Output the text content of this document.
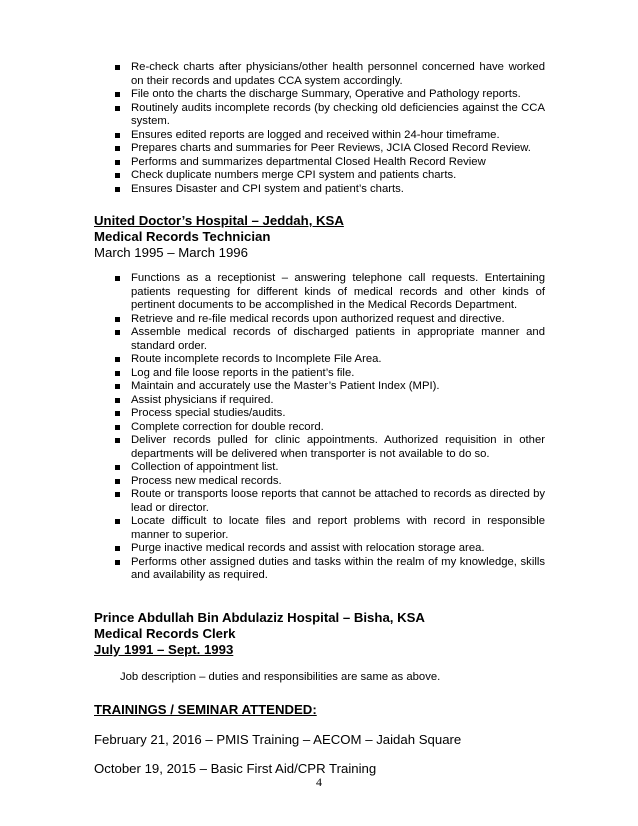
Re-check charts after physicians/other health personnel concerned have worked on their records and updates CCA system accordingly.
File onto the charts the discharge Summary, Operative and Pathology reports.
Routinely audits incomplete records (by checking old deficiencies against the CCA system.
Ensures edited reports are logged and received within 24-hour timeframe.
Prepares charts and summaries for Peer Reviews, JCIA Closed Record Review.
Performs and summarizes departmental Closed Health Record Review
Check duplicate numbers merge CPI system and patients charts.
Ensures Disaster and CPI system and patient’s charts.
United Doctor’s Hospital – Jeddah, KSA
Medical Records Technician
March 1995 – March 1996
Functions as a receptionist – answering telephone call requests. Entertaining patients requesting for different kinds of medical records and other kinds of pertinent documents to be accomplished in the Medical Records Department.
Retrieve and re-file medical records upon authorized request and directive.
Assemble medical records of discharged patients in appropriate manner and standard order.
Route incomplete records to Incomplete File Area.
Log and file loose reports in the patient’s file.
Maintain and accurately use the Master’s Patient Index (MPI).
Assist physicians if required.
Process special studies/audits.
Complete correction for double record.
Deliver records pulled for clinic appointments. Authorized requisition in other departments will be delivered when transporter is not available to do so.
Collection of appointment list.
Process new medical records.
Route or transports loose reports that cannot be attached to records as directed by lead or director.
Locate difficult to locate files and report problems with record in responsible manner to superior.
Purge inactive medical records and assist with relocation storage area.
Performs other assigned duties and tasks within the realm of my knowledge, skills and availability as required.
Prince Abdullah Bin Abdulaziz Hospital – Bisha, KSA
Medical Records Clerk
July 1991 – Sept. 1993
Job description – duties and responsibilities are same as above.
TRAININGS / SEMINAR ATTENDED:
February 21, 2016 – PMIS Training – AECOM – Jaidah Square
October 19, 2015 – Basic First Aid/CPR Training
4
